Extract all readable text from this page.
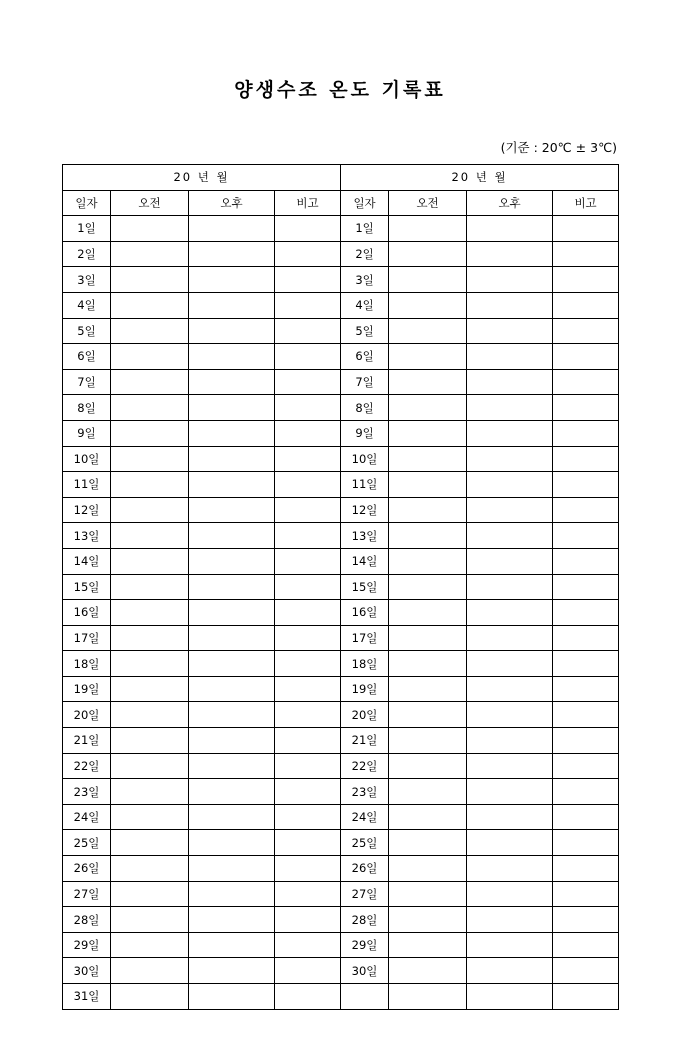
양생수조 온도 기록표
(기준 : 20℃ ± 3℃)
20 년 월				20 년 월			
일자	오전	오후	비고	일자	오전	오후	비고
1일				1일			
2일				2일			
3일				3일			
4일				4일			
5일				5일			
6일				6일			
7일				7일			
8일				8일			
9일				9일			
10일				10일			
11일				11일			
12일				12일			
13일				13일			
14일				14일			
15일				15일			
16일				16일			
17일				17일			
18일				18일			
19일				19일			
20일				20일			
21일				21일			
22일				22일			
23일				23일			
24일				24일			
25일				25일			
26일				26일			
27일				27일			
28일				28일			
29일				29일			
30일				30일			
31일							
